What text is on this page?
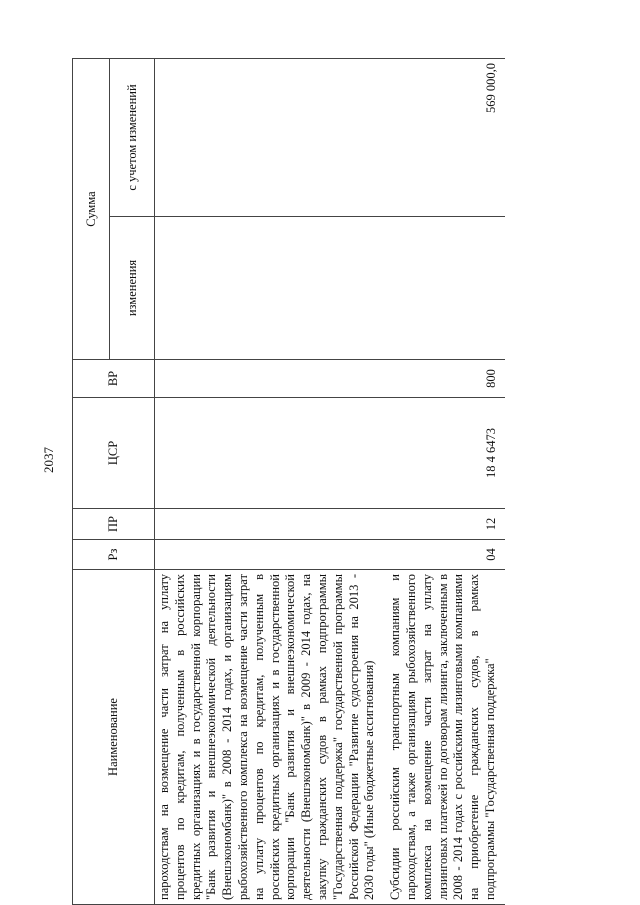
2037
Наименование	Рз	ПР	ЦСР	ВР	Сумма	
					изменения	с учетом изменений
пароходствам на возмещение части затрат на уплату процентов по кредитам, полученным в российских кредитных организациях и в государственной корпорации "Банк развития и внешнеэкономической деятельности (Внешэкономбанк)" в 2008 - 2014 годах, и организациям рыбохозяйственного комплекса на возмещение части затрат на уплату процентов по кредитам, полученным в российских кредитных организациях и в государственной корпорации "Банк развития и внешнеэкономической деятельности (Внешэкономбанк)" в 2009 - 2014 годах, на закупку гражданских судов в рамках подпрограммы "Государственная поддержка" государственной программы Российской Федерации "Развитие судостроения на 2013 - 2030 годы" (Иные бюджетные ассигнования)						
Субсидии российским транспортным компаниям и пароходствам, а также организациям рыбохозяйственного комплекса на возмещение части затрат на уплату лизинговых платежей по договорам лизинга, заключенным в 2008 - 2014 годах с российскими лизинговыми компаниями на приобретение гражданских судов, в рамках подпрограммы "Государственная поддержка"	04	12	18 4 6473	800		569 000,0
